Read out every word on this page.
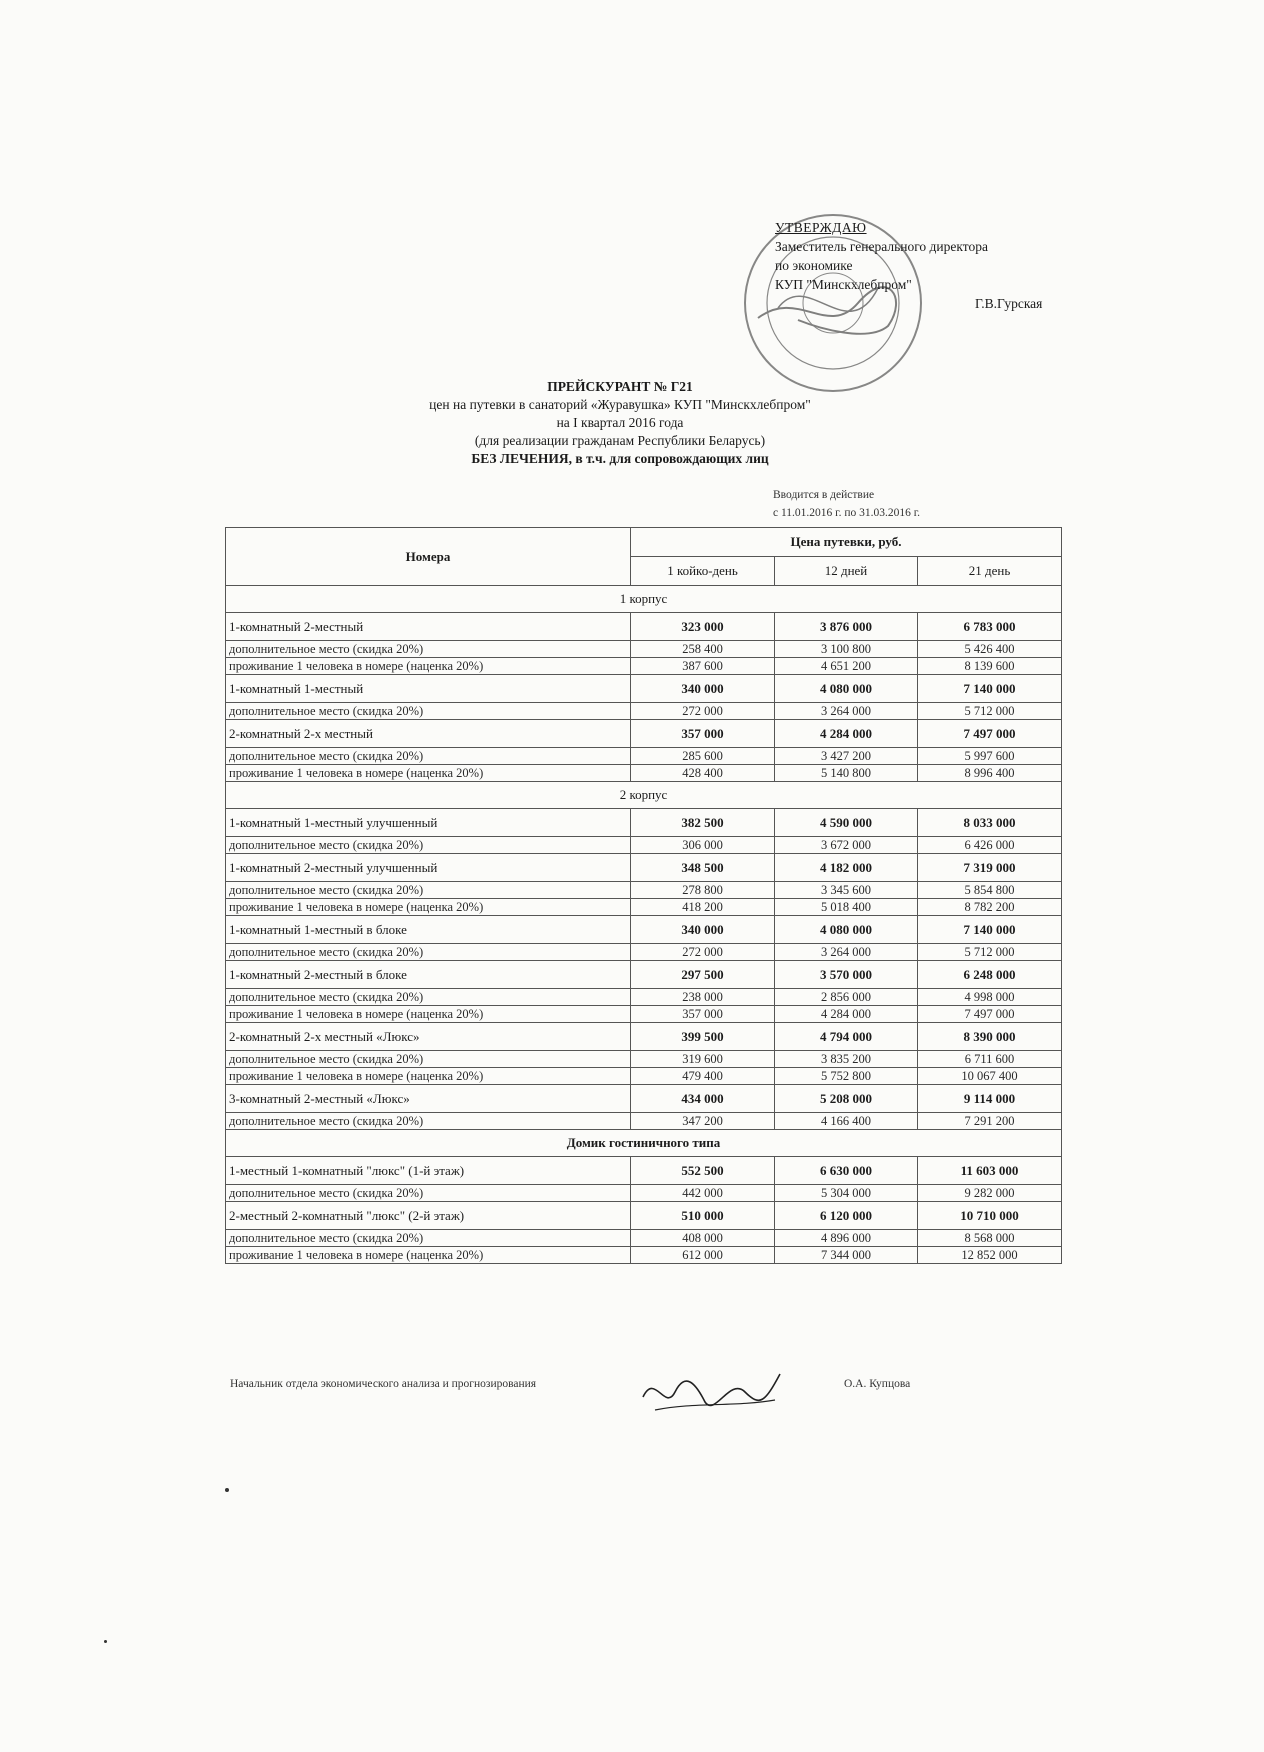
УТВЕРЖДАЮ
Заместитель генерального директора
по экономике
КУП "Минскхлебпром"
Г.В.Гурская
ПРЕЙСКУРАНТ № Г21
цен на путевки в санаторий «Журавушка» КУП "Минскхлебпром"
на I квартал 2016 года
(для реализации гражданам Республики Беларусь)
БЕЗ ЛЕЧЕНИЯ, в т.ч. для сопровождающих лиц
Вводится в действие
с 11.01.2016 г. по 31.03.2016 г.
Номера	Цена путевки, руб.		
	1 койко-день	12 дней	21 день
1 корпус			
1-комнатный 2-местный	323 000	3 876 000	6 783 000
дополнительное место (скидка 20%)	258 400	3 100 800	5 426 400
проживание 1 человека в номере (наценка 20%)	387 600	4 651 200	8 139 600
1-комнатный 1-местный	340 000	4 080 000	7 140 000
дополнительное место (скидка 20%)	272 000	3 264 000	5 712 000
2-комнатный 2-х местный	357 000	4 284 000	7 497 000
дополнительное место (скидка 20%)	285 600	3 427 200	5 997 600
проживание 1 человека в номере (наценка 20%)	428 400	5 140 800	8 996 400
2 корпус			
1-комнатный 1-местный улучшенный	382 500	4 590 000	8 033 000
дополнительное место (скидка 20%)	306 000	3 672 000	6 426 000
1-комнатный 2-местный улучшенный	348 500	4 182 000	7 319 000
дополнительное место (скидка 20%)	278 800	3 345 600	5 854 800
проживание 1 человека в номере (наценка 20%)	418 200	5 018 400	8 782 200
1-комнатный 1-местный в блоке	340 000	4 080 000	7 140 000
дополнительное место (скидка 20%)	272 000	3 264 000	5 712 000
1-комнатный 2-местный в блоке	297 500	3 570 000	6 248 000
дополнительное место (скидка 20%)	238 000	2 856 000	4 998 000
проживание 1 человека в номере (наценка 20%)	357 000	4 284 000	7 497 000
2-комнатный 2-х местный «Люкс»	399 500	4 794 000	8 390 000
дополнительное место (скидка 20%)	319 600	3 835 200	6 711 600
проживание 1 человека в номере (наценка 20%)	479 400	5 752 800	10 067 400
3-комнатный 2-местный «Люкс»	434 000	5 208 000	9 114 000
дополнительное место (скидка 20%)	347 200	4 166 400	7 291 200
Домик гостиничного типа			
1-местный 1-комнатный "люкс" (1-й этаж)	552 500	6 630 000	11 603 000
дополнительное место (скидка 20%)	442 000	5 304 000	9 282 000
2-местный 2-комнатный "люкс" (2-й этаж)	510 000	6 120 000	10 710 000
дополнительное место (скидка 20%)	408 000	4 896 000	8 568 000
проживание 1 человека в номере (наценка 20%)	612 000	7 344 000	12 852 000
Начальник отдела экономического анализа и прогнозирования	О.А. Купцова
